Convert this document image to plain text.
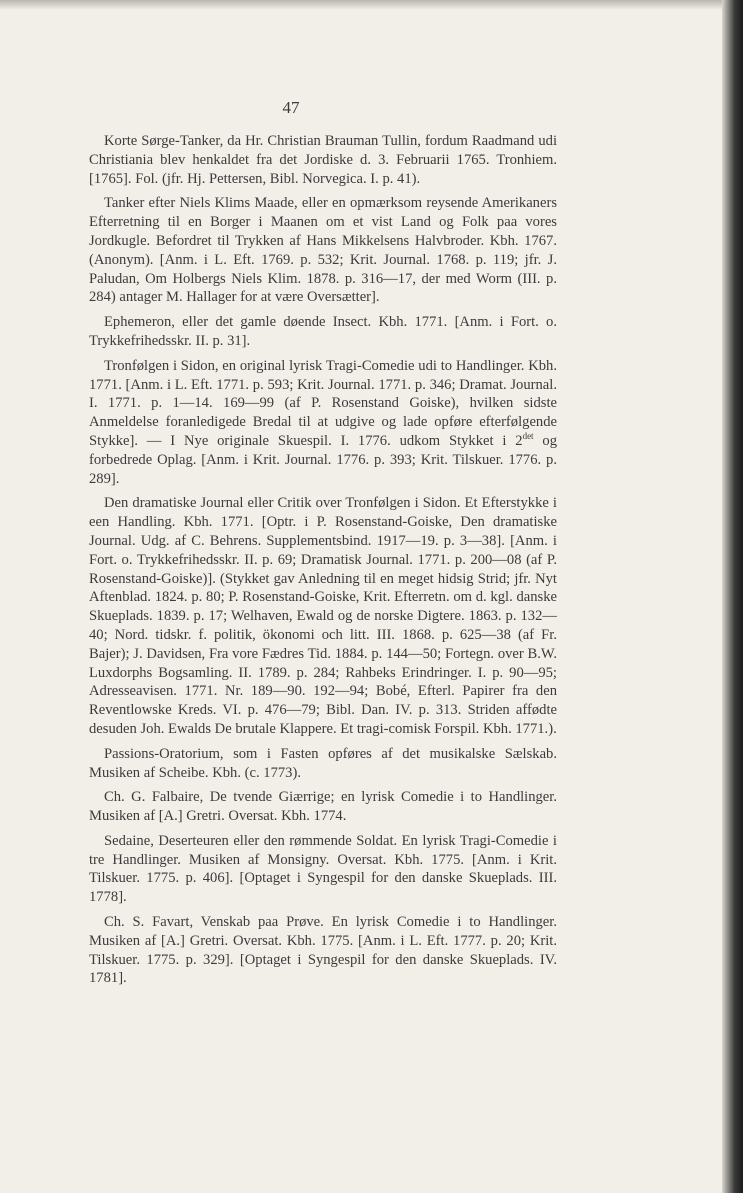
47

Korte Sørge-Tanker, da Hr. Christian Brauman Tullin, fordum Raadmand udi Christiania blev henkaldet fra det Jordiske d. 3. Februarii 1765. Tronhiem. [1765]. Fol. (jfr. Hj. Pettersen, Bibl. Norvegica. I. p. 41).

Tanker efter Niels Klims Maade, eller en opmærksom reysende Amerikaners Efterretning til en Borger i Maanen om et vist Land og Folk paa vores Jordkugle. Befordret til Trykken af Hans Mikkelsens Halvbroder. Kbh. 1767. (Anonym). [Anm. i L. Eft. 1769. p. 532; Krit. Journal. 1768. p. 119; jfr. J. Paludan, Om Holbergs Niels Klim. 1878. p. 316—17, der med Worm (III. p. 284) antager M. Hallager for at være Oversætter].

Ephemeron, eller det gamle døende Insect. Kbh. 1771. [Anm. i Fort. o. Trykkefrihedsskr. II. p. 31].

Tronfølgen i Sidon, en original lyrisk Tragi-Comedie udi to Handlinger. Kbh. 1771. [Anm. i L. Eft. 1771. p. 593; Krit. Journal. 1771. p. 346; Dramat. Journal. I. 1771. p. 1—14. 169—99 (af P. Rosenstand Goiske), hvilken sidste Anmeldelse foranledigede Bredal til at udgive og lade opføre efterfølgende Stykke]. — I Nye originale Skuespil. I. 1776. udkom Stykket i $2^{det}$ og forbedrede Oplag. [Anm. i Krit. Journal. 1776. p. 393; Krit. Tilskuer. 1776. p. 289].

Den dramatiske Journal eller Critik over Tronfølgen i Sidon. Et Efterstykke i een Handling. Kbh. 1771. [Optr. i P. Rosenstand-Goiske, Den dramatiske Journal. Udg. af C. Behrens. Supplementsbind. 1917—19. p. 3—38]. [Anm. i Fort. o. Trykkefrihedsskr. II. p. 69; Dramatisk Journal. 1771. p. 200—08 (af P. Rosenstand-Goiske)]. (Stykket gav Anledning til en meget hidsig Strid; jfr. Nyt Aftenblad. 1824. p. 80; P. Rosenstand-Goiske, Krit. Efterretn. om d. kgl. danske Skueplads. 1839. p. 17; Welhaven, Ewald og de norske Digtere. 1863. p. 132—40; Nord. tidskr. f. politik, ökonomi och litt. III. 1868. p. 625—38 (af Fr. Bajer); J. Davidsen, Fra vore Fædres Tid. 1884. p. 144—50; Fortegn. over B.W. Luxdorphs Bogsamling. II. 1789. p. 284; Rahbeks Erindringer. I. p. 90—95; Adresseavisen. 1771. Nr. 189—90. 192—94; Bobé, Efterl. Papirer fra den Reventlowske Kreds. VI. p. 476—79; Bibl. Dan. IV. p. 313. Striden affødte desuden Joh. Ewalds De brutale Klappere. Et tragi-comisk Forspil. Kbh. 1771.).

Passions-Oratorium, som i Fasten opføres af det musikalske Sælskab. Musiken af Scheibe. Kbh. (c. 1773).

Ch. G. Falbaire, De tvende Giærrige; en lyrisk Comedie i to Handlinger. Musiken af [A.] Gretri. Oversat. Kbh. 1774.

Sedaine, Deserteuren eller den rømmende Soldat. En lyrisk Tragi-Comedie i tre Handlinger. Musiken af Monsigny. Oversat. Kbh. 1775. [Anm. i Krit. Tilskuer. 1775. p. 406]. [Optaget i Syngespil for den danske Skueplads. III. 1778].

Ch. S. Favart, Venskab paa Prøve. En lyrisk Comedie i to Handlinger. Musiken af [A.] Gretri. Oversat. Kbh. 1775. [Anm. i L. Eft. 1777. p. 20; Krit. Tilskuer. 1775. p. 329]. [Optaget i Syngespil for den danske Skueplads. IV. 1781].
